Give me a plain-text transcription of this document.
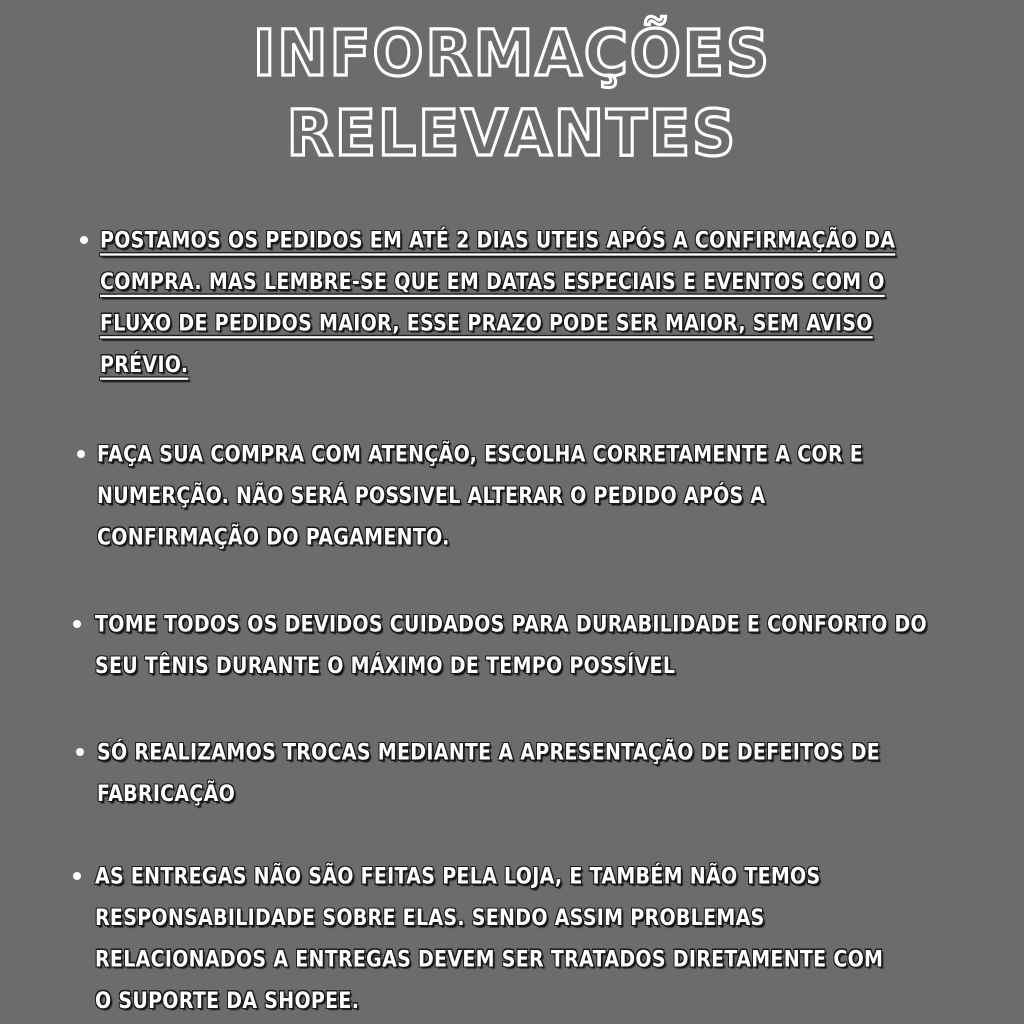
INFORMAÇÕES
RELEVANTES

POSTAMOS OS PEDIDOS EM ATÉ 2 DIAS UTEIS APÓS A CONFIRMAÇÃO DA COMPRA. MAS LEMBRE-SE QUE EM DATAS ESPECIAIS E EVENTOS COM O FLUXO DE PEDIDOS MAIOR, ESSE PRAZO PODE SER MAIOR, SEM AVISO PRÉVIO.

FAÇA SUA COMPRA COM ATENÇÃO, ESCOLHA CORRETAMENTE A COR E NUMERÇÃO. NÃO SERÁ POSSIVEL ALTERAR O PEDIDO APÓS A CONFIRMAÇÃO DO PAGAMENTO.

TOME TODOS OS DEVIDOS CUIDADOS PARA DURABILIDADE E CONFORTO DO SEU TÊNIS DURANTE O MÁXIMO DE TEMPO POSSÍVEL

SÓ REALIZAMOS TROCAS MEDIANTE A APRESENTAÇÃO DE DEFEITOS DE FABRICAÇÃO

AS ENTREGAS NÃO SÃO FEITAS PELA LOJA, E TAMBÉM NÃO TEMOS RESPONSABILIDADE SOBRE ELAS. SENDO ASSIM PROBLEMAS RELACIONADOS A ENTREGAS DEVEM SER TRATADOS DIRETAMENTE COM O SUPORTE DA SHOPEE.
